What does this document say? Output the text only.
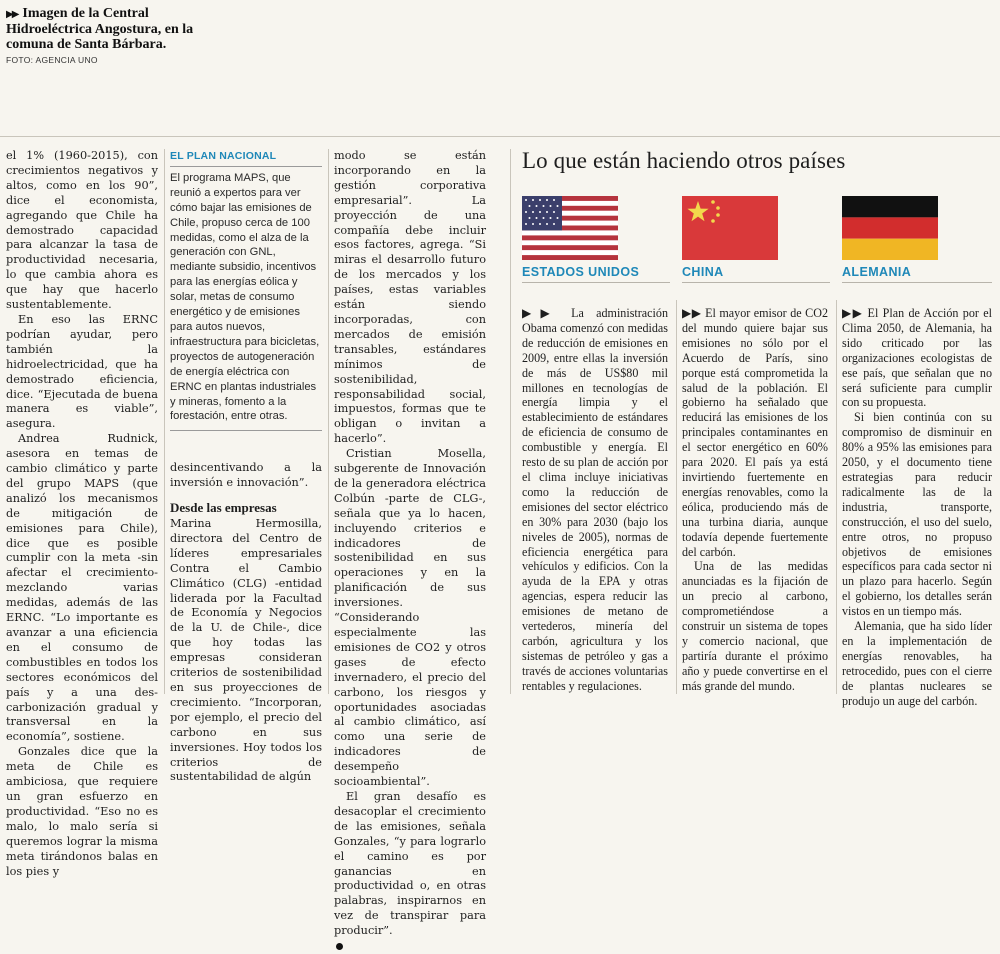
▶▶ Imagen de la Central Hidroeléctrica Angostura, en la comuna de Santa Bárbara.
FOTO: AGENCIA UNO

el 1% (1960-2015), con crecimientos negativos y altos, como en los 90”, dice el economista, agregando que Chile ha demostrado capacidad para alcanzar la tasa de productividad necesaria, lo que cambia ahora es que hay que hacerlo sustentablemente.

En eso las ERNC podrían ayudar, pero también la hidroelectricidad, que ha demostrado eficiencia, dice. “Ejecutada de buena manera es viable”, asegura.

Andrea Rudnick, asesora en temas de cambio climático y parte del grupo MAPS (que analizó los mecanismos de mitigación de emisiones para Chile), dice que es posible cumplir con la meta -sin afectar el crecimiento- mezclando varias medidas, además de las ERNC. “Lo importante es avanzar a una eficiencia en el consumo de combustibles en todos los sectores económicos del país y a una des-carbonización gradual y transversal en la economía”, sostiene.

Gonzales dice que la meta de Chile es ambiciosa, que requiere un gran esfuerzo en productividad. “Eso no es malo, lo malo sería si queremos lograr la misma meta tirándonos balas en los pies y

EL PLAN NACIONAL
El programa MAPS, que reunió a expertos para ver cómo bajar las emisiones de Chile, propuso cerca de 100 medidas, como el alza de la generación con GNL, mediante subsidio, incentivos para las energías eólica y solar, metas de consumo energético y de emisiones para autos nuevos, infraestructura para bicicletas, proyectos de autogeneración de energía eléctrica con ERNC en plantas industriales y mineras, fomento a la forestación, entre otras.

desincentivando a la inversión e innovación”.

Desde las empresas

Marina Hermosilla, directora del Centro de líderes empresariales Contra el Cambio Climático (CLG) -entidad liderada por la Facultad de Economía y Negocios de la U. de Chile-, dice que hoy todas las empresas consideran criterios de sostenibilidad en sus proyecciones de crecimiento. “Incorporan, por ejemplo, el precio del carbono en sus inversiones. Hoy todos los criterios de sustentabilidad de algún

modo se están incorporando en la gestión corporativa empresarial”. La proyección de una compañía debe incluir esos factores, agrega. “Si miras el desarrollo futuro de los mercados y los países, estas variables están siendo incorporadas, con mercados de emisión transables, estándares mínimos de sostenibilidad, responsabilidad social, impuestos, formas que te obligan o invitan a hacerlo”.

Cristian Mosella, subgerente de Innovación de la generadora eléctrica Colbún -parte de CLG-, señala que ya lo hacen, incluyendo criterios e indicadores de sostenibilidad en sus operaciones y en la planificación de sus inversiones. “Considerando especialmente las emisiones de CO2 y otros gases de efecto invernadero, el precio del carbono, los riesgos y oportunidades asociadas al cambio climático, así como una serie de indicadores de desempeño socioambiental”.

El gran desafío es desacoplar el crecimiento de las emisiones, señala Gonzales, “y para lograrlo el camino es por ganancias en productividad o, en otras palabras, inspirarnos en vez de transpirar para producir”.

Lo que están haciendo otros países
ESTADOS UNIDOS	CHINA	ALEMANIA

▶▶ La administración Obama comenzó con medidas de reducción de emisiones en 2009, entre ellas la inversión de más de US$80 mil millones en tecnologías de energía limpia y el establecimiento de estándares de eficiencia de consumo de combustible y energía. El resto de su plan de acción por el clima incluye iniciativas como la reducción de emisiones del sector eléctrico en 30% para 2030 (bajo los niveles de 2005), normas de eficiencia energética para vehículos y edificios. Con la ayuda de la EPA y otras agencias, espera reducir las emisiones de metano de vertederos, minería del carbón, agricultura y los sistemas de petróleo y gas a través de acciones voluntarias rentables y regulaciones.

▶▶ El mayor emisor de CO2 del mundo quiere bajar sus emisiones no sólo por el Acuerdo de París, sino porque está comprometida la salud de la población. El gobierno ha señalado que reducirá las emisiones de los principales contaminantes en el sector energético en 60% para 2020. El país ya está invirtiendo fuertemente en energías renovables, como la eólica, produciendo más de una turbina diaria, aunque todavía depende fuertemente del carbón.

Una de las medidas anunciadas es la fijación de un precio al carbono, comprometiéndose a construir un sistema de topes y comercio nacional, que partiría durante el próximo año y puede convertirse en el más grande del mundo.

▶▶ El Plan de Acción por el Clima 2050, de Alemania, ha sido criticado por las organizaciones ecologistas de ese país, que señalan que no será suficiente para cumplir con su propuesta.

Si bien continúa con su compromiso de disminuir en 80% a 95% las emisiones para 2050, y el documento tiene estrategias para reducir radicalmente las de la industria, transporte, construcción, el uso del suelo, entre otros, no propuso objetivos de emisiones específicos para cada sector ni un plazo para hacerlo. Según el gobierno, los detalles serán vistos en un tiempo más.

Alemania, que ha sido líder en la implementación de energías renovables, ha retrocedido, pues con el cierre de plantas nucleares se produjo un auge del carbón.
